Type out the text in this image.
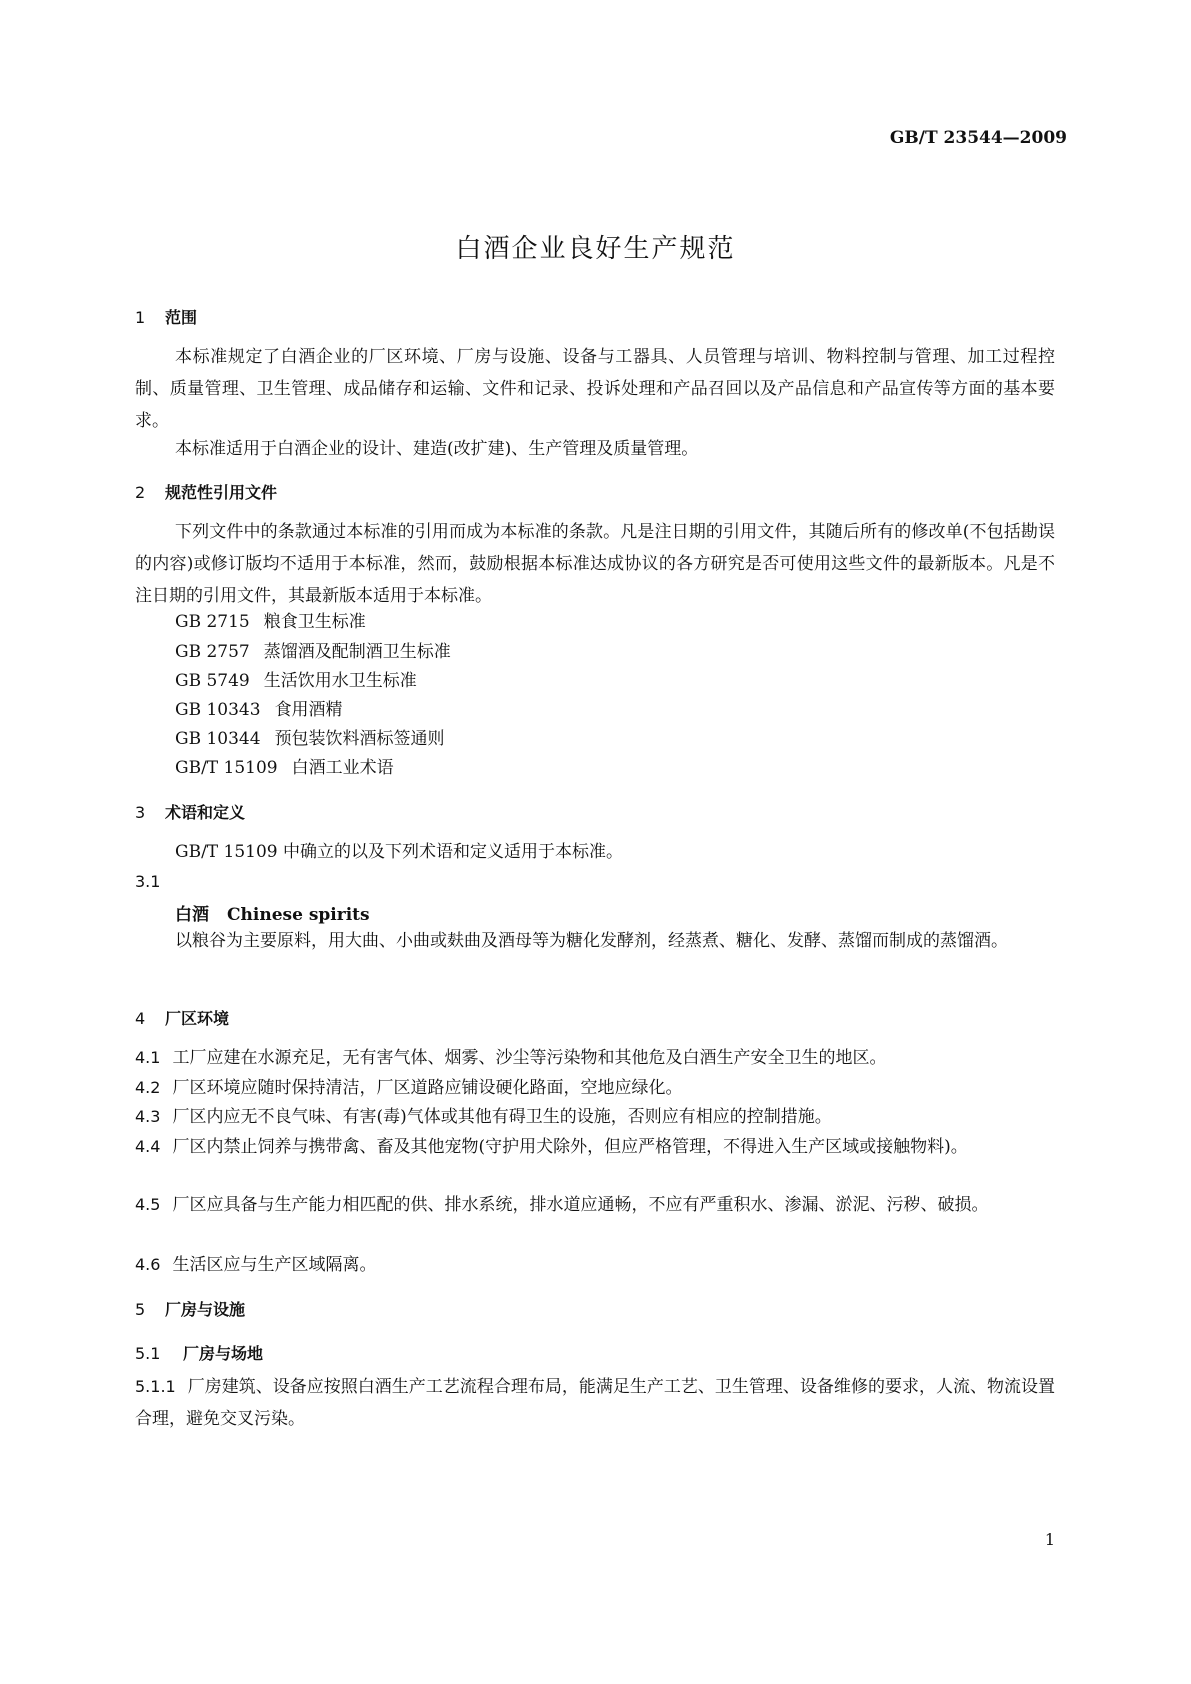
GB/T 23544—2009
白酒企业良好生产规范
1 范围
本标准规定了白酒企业的厂区环境、厂房与设施、设备与工器具、人员管理与培训、物料控制与管理、加工过程控制、质量管理、卫生管理、成品储存和运输、文件和记录、投诉处理和产品召回以及产品信息和产品宣传等方面的基本要求。
本标准适用于白酒企业的设计、建造(改扩建)、生产管理及质量管理。
2 规范性引用文件
下列文件中的条款通过本标准的引用而成为本标准的条款。凡是注日期的引用文件，其随后所有的修改单(不包括勘误的内容)或修订版均不适用于本标准，然而，鼓励根据本标准达成协议的各方研究是否可使用这些文件的最新版本。凡是不注日期的引用文件，其最新版本适用于本标准。
GB 2715 粮食卫生标准
GB 2757 蒸馏酒及配制酒卫生标准
GB 5749 生活饮用水卫生标准
GB 10343 食用酒精
GB 10344 预包装饮料酒标签通则
GB/T 15109 白酒工业术语
3 术语和定义
GB/T 15109 中确立的以及下列术语和定义适用于本标准。
3.1
白酒 Chinese spirits
以粮谷为主要原料，用大曲、小曲或麸曲及酒母等为糖化发酵剂，经蒸煮、糖化、发酵、蒸馏而制成的蒸馏酒。
4 厂区环境
4.1 工厂应建在水源充足，无有害气体、烟雾、沙尘等污染物和其他危及白酒生产安全卫生的地区。
4.2 厂区环境应随时保持清洁，厂区道路应铺设硬化路面，空地应绿化。
4.3 厂区内应无不良气味、有害(毒)气体或其他有碍卫生的设施，否则应有相应的控制措施。
4.4 厂区内禁止饲养与携带禽、畜及其他宠物(守护用犬除外，但应严格管理，不得进入生产区域或接触物料)。
4.5 厂区应具备与生产能力相匹配的供、排水系统，排水道应通畅，不应有严重积水、渗漏、淤泥、污秽、破损。
4.6 生活区应与生产区域隔离。
5 厂房与设施
5.1 厂房与场地
5.1.1 厂房建筑、设备应按照白酒生产工艺流程合理布局，能满足生产工艺、卫生管理、设备维修的要求，人流、物流设置合理，避免交叉污染。
1
